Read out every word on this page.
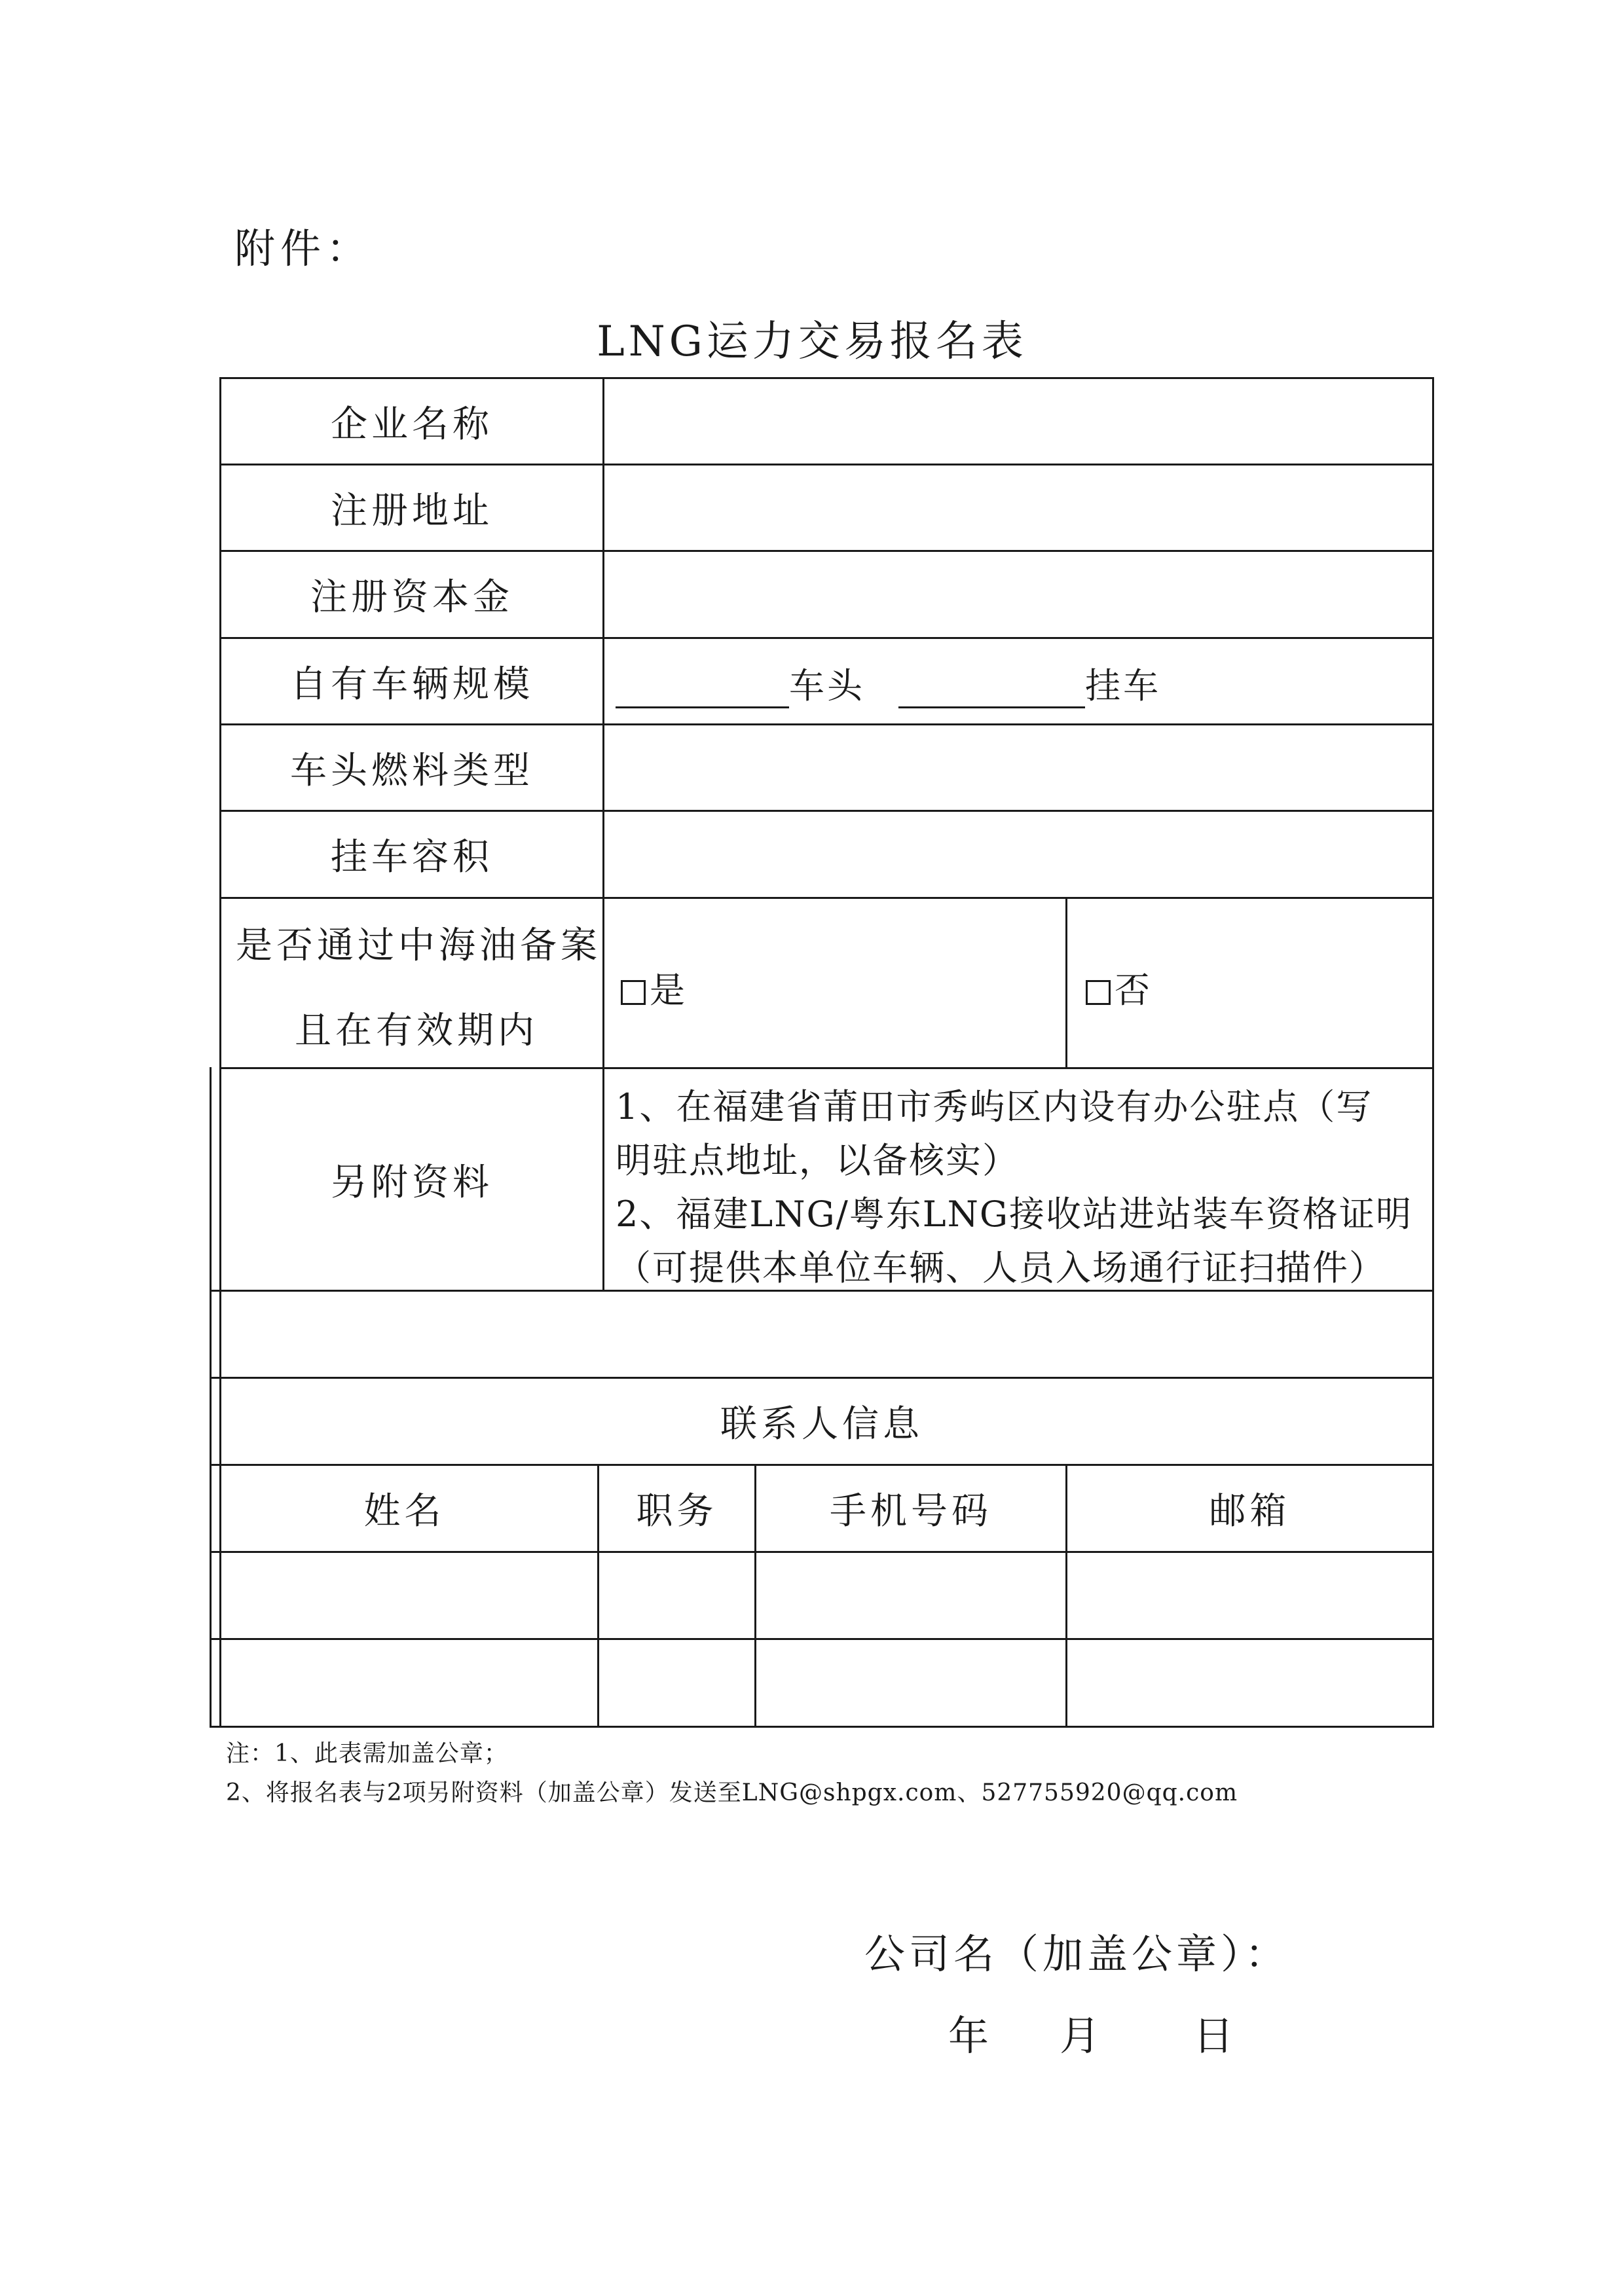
附件：
LNG运力交易报名表
企业名称
注册地址
注册资本金
自有车辆规模	车头	挂车
车头燃料类型
挂车容积
是否通过中海油备案
且在有效期内
是	否
另附资料
1、在福建省莆田市秀屿区内设有办公驻点（写
明驻点地址，以备核实）
2、福建LNG/粤东LNG接收站进站装车资格证明
（可提供本单位车辆、人员入场通行证扫描件）
联系人信息
姓名	职务	手机号码	邮箱
注：1、此表需加盖公章；
2、将报名表与2项另附资料（加盖公章）发送至LNG@shpgx.com、527755920@qq.com
公司名（加盖公章）：
年 月 日
